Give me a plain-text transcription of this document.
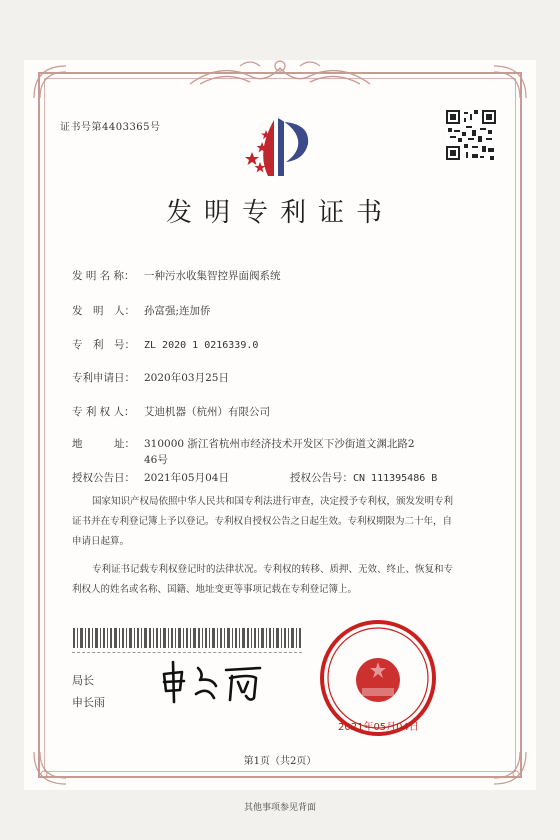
证书号第4403365号
发明专利证书
发 明 名 称： 一种污水收集智控界面阀系统
发　明　人： 孙富强;连加侨
专　利　号： ZL 2020 1 0216339.0
专利申请日： 2020年03月25日
专 利 权 人： 艾迪机器（杭州）有限公司
地　　　址： 310000 浙江省杭州市经济技术开发区下沙街道文渊北路2
46号
授权公告日： 2021年05月04日	授权公告号：CN 111395486 B
国家知识产权局依照中华人民共和国专利法进行审查，决定授予专利权，颁发发明专利
证书并在专利登记簿上予以登记。专利权自授权公告之日起生效。专利权期限为二十年，自
申请日起算。
专利证书记载专利权登记时的法律状况。专利权的转移、质押、无效、终止、恢复和专
利权人的姓名或名称、国籍、地址变更等事项记载在专利登记簿上。
局长
申长雨
2021年05月04日
第1页（共2页）
其他事项参见背面
